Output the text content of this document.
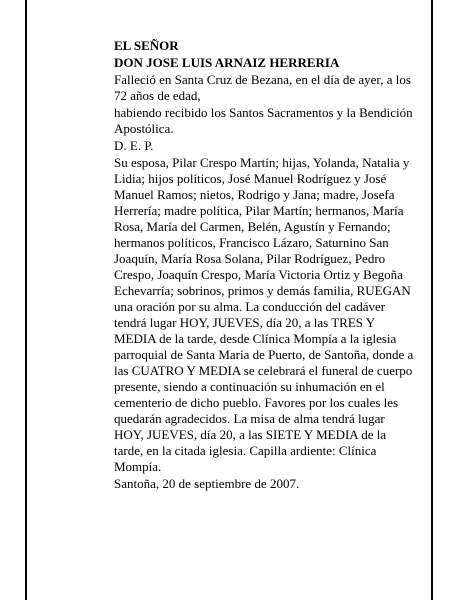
EL SEÑOR

DON JOSE LUIS ARNAIZ HERRERIA

Falleció en Santa Cruz de Bezana, en el día de ayer, a los 72 años de edad,

habiendo recibido los Santos Sacramentos y la Bendición Apostólica.

D. E. P.

Su esposa, Pilar Crespo Martín; hijas, Yolanda, Natalia y Lidia; hijos políticos, José Manuel Rodríguez y José Manuel Ramos; nietos, Rodrigo y Jana; madre, Josefa Herrería; madre política, Pilar Martín; hermanos, María Rosa, María del Carmen, Belén, Agustín y Fernando; hermanos políticos, Francisco Lázaro, Saturnino San Joaquín, María Rosa Solana, Pilar Rodríguez, Pedro Crespo, Joaquín Crespo, María Victoria Ortiz y Begoña Echevarría; sobrinos, primos y demás familia, RUEGAN una oración por su alma. La conducción del cadáver tendrá lugar HOY, JUEVES, día 20, a las TRES Y MEDIA de la tarde, desde Clínica Mompía a la iglesia parroquial de Santa María de Puerto, de Santoña, donde a las CUATRO Y MEDIA se celebrará el funeral de cuerpo presente, siendo a continuación su inhumación en el cementerio de dicho pueblo. Favores por los cuales les quedarán agradecidos. La misa de alma tendrá lugar HOY, JUEVES, día 20, a las SIETE Y MEDIA de la tarde, en la citada iglesia. Capilla ardiente: Clínica Mompía.

Santoña, 20 de septiembre de 2007.
